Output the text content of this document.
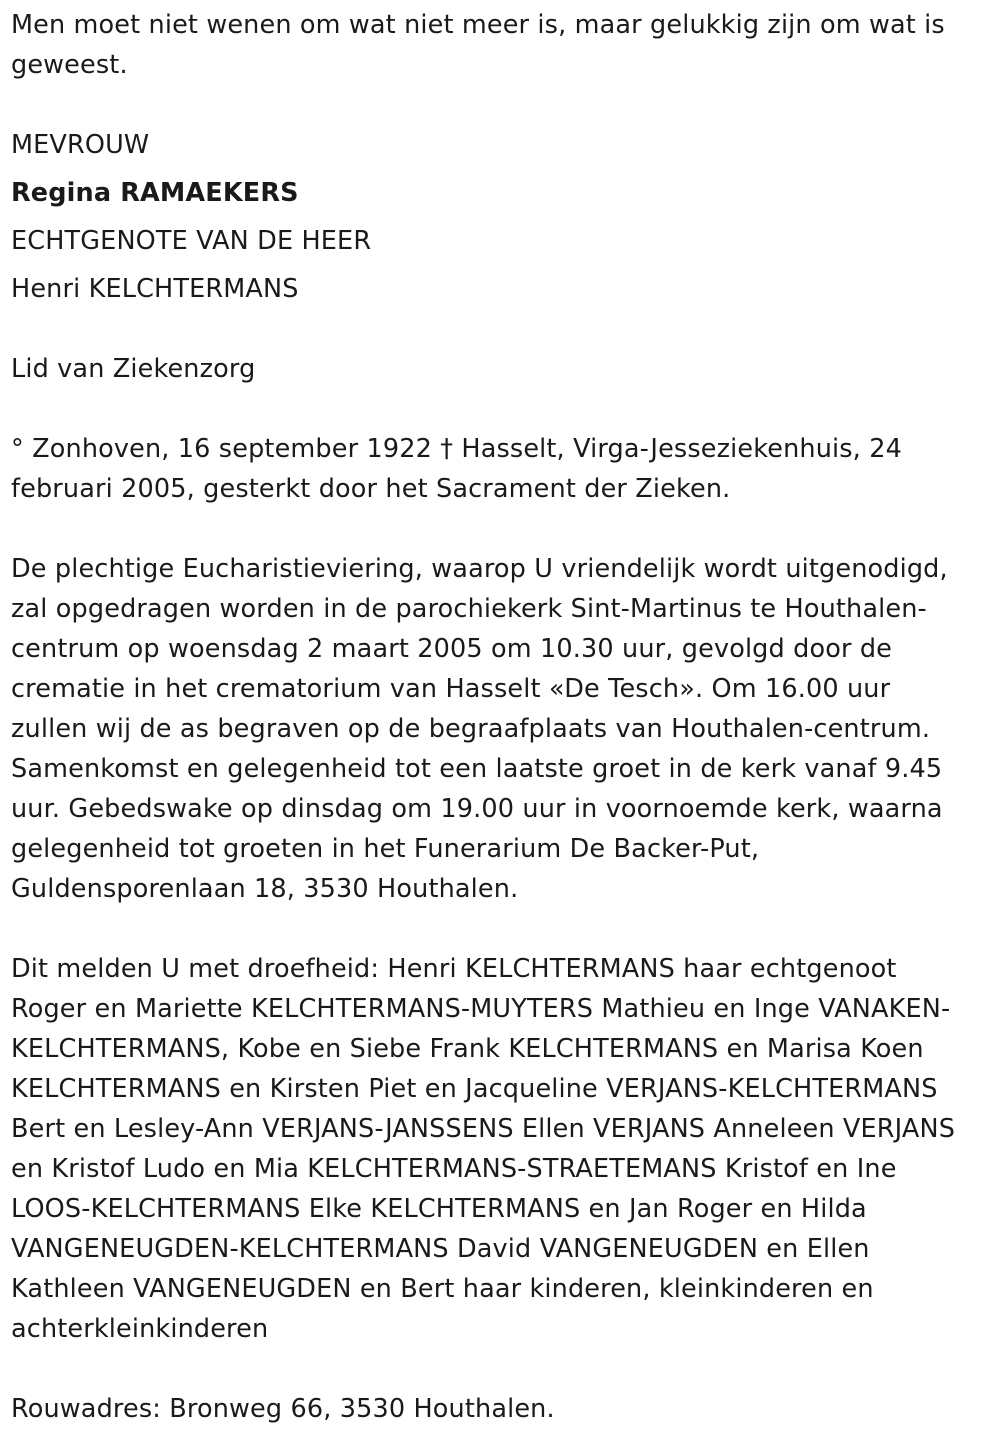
Men moet niet wenen om wat niet meer is, maar gelukkig zijn om wat is
geweest.
MEVROUW
Regina RAMAEKERS
ECHTGENOTE VAN DE HEER
Henri KELCHTERMANS
Lid van Ziekenzorg
° Zonhoven, 16 september 1922 † Hasselt, Virga-Jesseziekenhuis, 24
februari 2005, gesterkt door het Sacrament der Zieken.
De plechtige Eucharistieviering, waarop U vriendelijk wordt uitgenodigd,
zal opgedragen worden in de parochiekerk Sint-Martinus te Houthalen-
centrum op woensdag 2 maart 2005 om 10.30 uur, gevolgd door de
crematie in het crematorium van Hasselt «De Tesch». Om 16.00 uur
zullen wij de as begraven op de begraafplaats van Houthalen-centrum.
Samenkomst en gelegenheid tot een laatste groet in de kerk vanaf 9.45
uur. Gebedswake op dinsdag om 19.00 uur in voornoemde kerk, waarna
gelegenheid tot groeten in het Funerarium De Backer-Put,
Guldensporenlaan 18, 3530 Houthalen.
Dit melden U met droefheid: Henri KELCHTERMANS haar echtgenoot
Roger en Mariette KELCHTERMANS-MUYTERS Mathieu en Inge VANAKEN-
KELCHTERMANS, Kobe en Siebe Frank KELCHTERMANS en Marisa Koen
KELCHTERMANS en Kirsten Piet en Jacqueline VERJANS-KELCHTERMANS
Bert en Lesley-Ann VERJANS-JANSSENS Ellen VERJANS Anneleen VERJANS
en Kristof Ludo en Mia KELCHTERMANS-STRAETEMANS Kristof en Ine
LOOS-KELCHTERMANS Elke KELCHTERMANS en Jan Roger en Hilda
VANGENEUGDEN-KELCHTERMANS David VANGENEUGDEN en Ellen
Kathleen VANGENEUGDEN en Bert haar kinderen, kleinkinderen en
achterkleinkinderen
Rouwadres: Bronweg 66, 3530 Houthalen.
